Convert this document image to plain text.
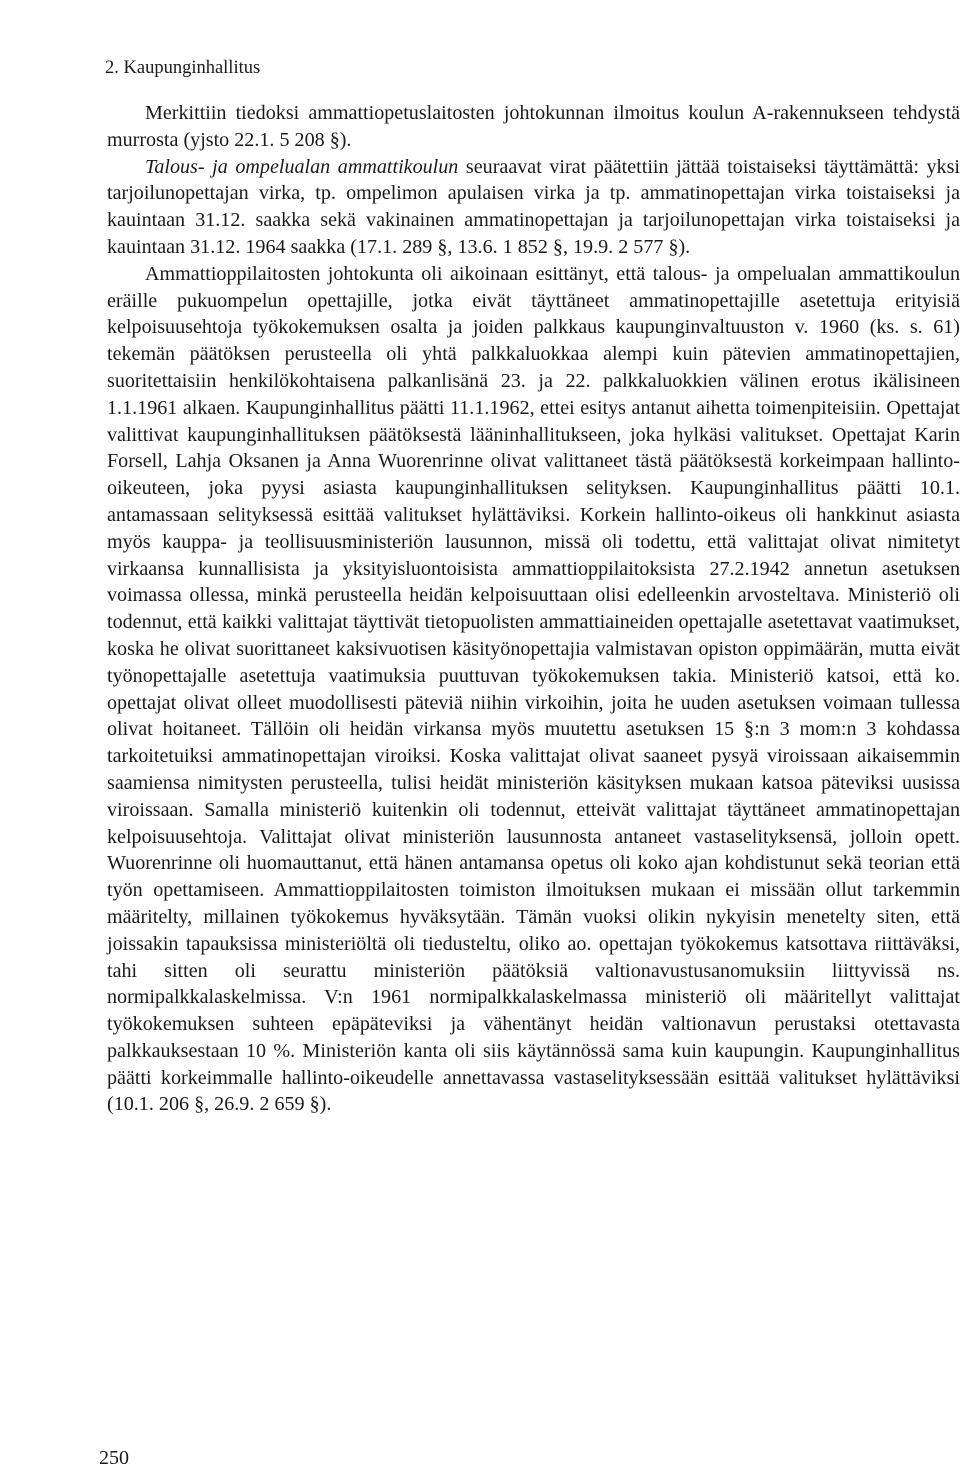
2. Kaupunginhallitus

Merkittiin tiedoksi ammattiopetuslaitosten johtokunnan ilmoitus koulun A-rakennukseen tehdystä murrosta (yjsto 22.1. 5 208 §).

Talous- ja ompelualan ammattikoulun seuraavat virat päätettiin jättää toistaiseksi täyttämättä: yksi tarjoilunopettajan virka, tp. ompelimon apulaisen virka ja tp. ammatinopettajan virka toistaiseksi ja kauintaan 31.12. saakka sekä vakinainen ammatinopettajan ja tarjoilunopettajan virka toistaiseksi ja kauintaan 31.12. 1964 saakka (17.1. 289 §, 13.6. 1 852 §, 19.9. 2 577 §).

Ammattioppilaitosten johtokunta oli aikoinaan esittänyt, että talous- ja ompelualan ammattikoulun eräille pukuompelun opettajille, jotka eivät täyttäneet ammatinopettajille asetettuja erityisiä kelpoisuusehtoja työkokemuksen osalta ja joiden palkkaus kaupunginvaltuuston v. 1960 (ks. s. 61) tekemän päätöksen perusteella oli yhtä palkkaluokkaa alempi kuin pätevien ammatinopettajien, suoritettaisiin henkilökohtaisena palkanlisänä 23. ja 22. palkkaluokkien välinen erotus ikälisineen 1.1.1961 alkaen. Kaupunginhallitus päätti 11.1.1962, ettei esitys antanut aihetta toimenpiteisiin. Opettajat valittivat kaupunginhallituksen päätöksestä lääninhallitukseen, joka hylkäsi valitukset. Opettajat Karin Forsell, Lahja Oksanen ja Anna Wuorenrinne olivat valittaneet tästä päätöksestä korkeimpaan hallinto-oikeuteen, joka pyysi asiasta kaupunginhallituksen selityksen. Kaupunginhallitus päätti 10.1. antamassaan selityksessä esittää valitukset hylättäviksi. Korkein hallinto-oikeus oli hankkinut asiasta myös kauppa- ja teollisuusministeriön lausunnon, missä oli todettu, että valittajat olivat nimitetyt virkaansa kunnallisista ja yksityisluontoisista ammattioppilaitoksista 27.2.1942 annetun asetuksen voimassa ollessa, minkä perusteella heidän kelpoisuuttaan olisi edelleenkin arvosteltava. Ministeriö oli todennut, että kaikki valittajat täyttivät tietopuolisten ammattiaineiden opettajalle asetettavat vaatimukset, koska he olivat suorittaneet kaksivuotisen käsityönopettajia valmistavan opiston oppimäärän, mutta eivät työnopettajalle asetettuja vaatimuksia puuttuvan työkokemuksen takia. Ministeriö katsoi, että ko. opettajat olivat olleet muodollisesti päteviä niihin virkoihin, joita he uuden asetuksen voimaan tullessa olivat hoitaneet. Tällöin oli heidän virkansa myös muutettu asetuksen 15 §:n 3 mom:n 3 kohdassa tarkoitetuiksi ammatinopettajan viroiksi. Koska valittajat olivat saaneet pysyä viroissaan aikaisemmin saamiensa nimitysten perusteella, tulisi heidät ministeriön käsityksen mukaan katsoa päteviksi uusissa viroissaan. Samalla ministeriö kuitenkin oli todennut, etteivät valittajat täyttäneet ammatinopettajan kelpoisuusehtoja. Valittajat olivat ministeriön lausunnosta antaneet vastaselityksensä, jolloin opett. Wuorenrinne oli huomauttanut, että hänen antamansa opetus oli koko ajan kohdistunut sekä teorian että työn opettamiseen. Ammattioppilaitosten toimiston ilmoituksen mukaan ei missään ollut tarkemmin määritelty, millainen työkokemus hyväksytään. Tämän vuoksi olikin nykyisin menetelty siten, että joissakin tapauksissa ministeriöltä oli tiedusteltu, oliko ao. opettajan työkokemus katsottava riittäväksi, tahi sitten oli seurattu ministeriön päätöksiä valtionavustusanomuksiin liittyvissä ns. normipalkkalaskelmissa. V:n 1961 normipalkkalaskelmassa ministeriö oli määritellyt valittajat työkokemuksen suhteen epäpäteviksi ja vähentänyt heidän valtionavun perustaksi otettavasta palkkauksestaan 10 %. Ministeriön kanta oli siis käytännössä sama kuin kaupungin. Kaupunginhallitus päätti korkeimmalle hallinto-oikeudelle annettavassa vastaselityksessään esittää valitukset hylättäviksi (10.1. 206 §, 26.9. 2 659 §).

250
